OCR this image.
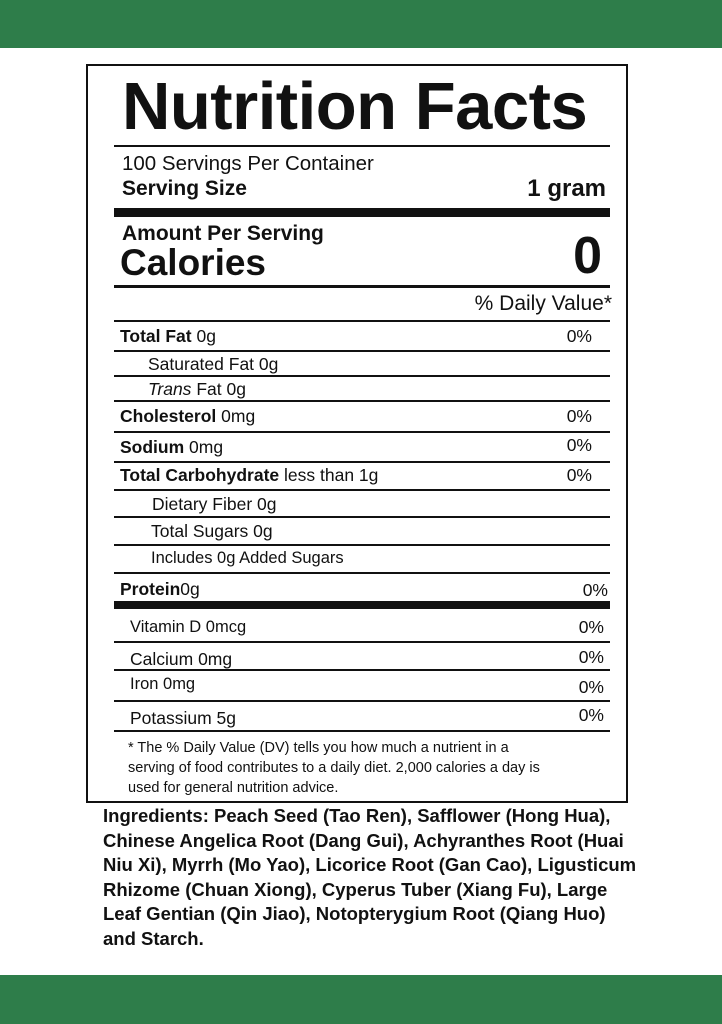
Nutrition Facts
100 Servings Per Container
Serving Size	1 gram
Amount Per Serving
Calories	0
% Daily Value*
Total Fat 0g	0%
Saturated Fat 0g
Trans Fat 0g
Cholesterol 0mg	0%
Sodium 0mg	0%
Total Carbohydrate less than 1g	0%
Dietary Fiber 0g
Total Sugars 0g
Includes 0g Added Sugars
Protein0g	0%
Vitamin D 0mcg	0%
Calcium 0mg	0%
Iron 0mg	0%
Potassium 5g	0%
* The % Daily Value (DV) tells you how much a nutrient in a serving of food contributes to a daily diet. 2,000 calories a day is used for general nutrition advice.
Ingredients: Peach Seed (Tao Ren), Safflower (Hong Hua), Chinese Angelica Root (Dang Gui), Achyranthes Root (Huai Niu Xi), Myrrh (Mo Yao), Licorice Root (Gan Cao), Ligusticum Rhizome (Chuan Xiong), Cyperus Tuber (Xiang Fu), Large Leaf Gentian (Qin Jiao), Notopterygium Root (Qiang Huo) and Starch.
